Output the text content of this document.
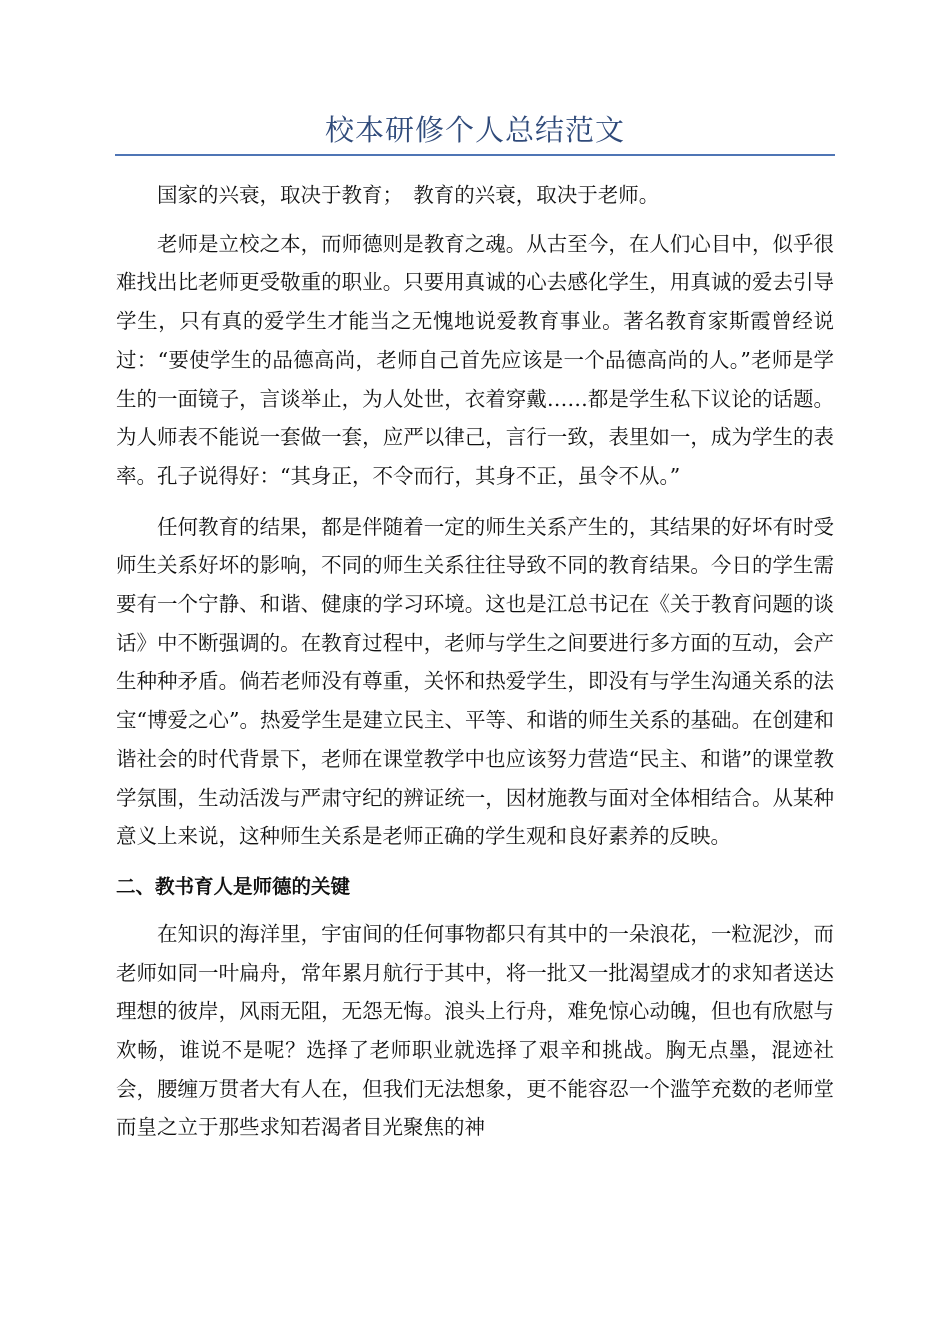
校本研修个人总结范文

国家的兴衰，取决于教育；　教育的兴衰，取决于老师。

老师是立校之本，而师德则是教育之魂。从古至今，在人们心目中，似乎很难找出比老师更受敬重的职业。只要用真诚的心去感化学生，用真诚的爱去引导学生，只有真的爱学生才能当之无愧地说爱教育事业。著名教育家斯霞曾经说过：“要使学生的品德高尚，老师自己首先应该是一个品德高尚的人。”老师是学生的一面镜子，言谈举止，为人处世，衣着穿戴……都是学生私下议论的话题。为人师表不能说一套做一套，应严以律己，言行一致，表里如一，成为学生的表率。孔子说得好：“其身正，不令而行，其身不正，虽令不从。”

任何教育的结果，都是伴随着一定的师生关系产生的，其结果的好坏有时受师生关系好坏的影响，不同的师生关系往往导致不同的教育结果。今日的学生需要有一个宁静、和谐、健康的学习环境。这也是江总书记在《关于教育问题的谈话》中不断强调的。在教育过程中，老师与学生之间要进行多方面的互动，会产生种种矛盾。倘若老师没有尊重，关怀和热爱学生，即没有与学生沟通关系的法宝“博爱之心”。热爱学生是建立民主、平等、和谐的师生关系的基础。在创建和谐社会的时代背景下，老师在课堂教学中也应该努力营造“民主、和谐”的课堂教学氛围，生动活泼与严肃守纪的辨证统一，因材施教与面对全体相结合。从某种意义上来说，这种师生关系是老师正确的学生观和良好素养的反映。

二、教书育人是师德的关键

在知识的海洋里，宇宙间的任何事物都只有其中的一朵浪花，一粒泥沙，而老师如同一叶扁舟，常年累月航行于其中，将一批又一批渴望成才的求知者送达理想的彼岸，风雨无阻，无怨无悔。浪头上行舟，难免惊心动魄，但也有欣慰与欢畅，谁说不是呢？选择了老师职业就选择了艰辛和挑战。胸无点墨，混迹社会，腰缠万贯者大有人在，但我们无法想象，更不能容忍一个滥竽充数的老师堂而皇之立于那些求知若渴者目光聚焦的神
